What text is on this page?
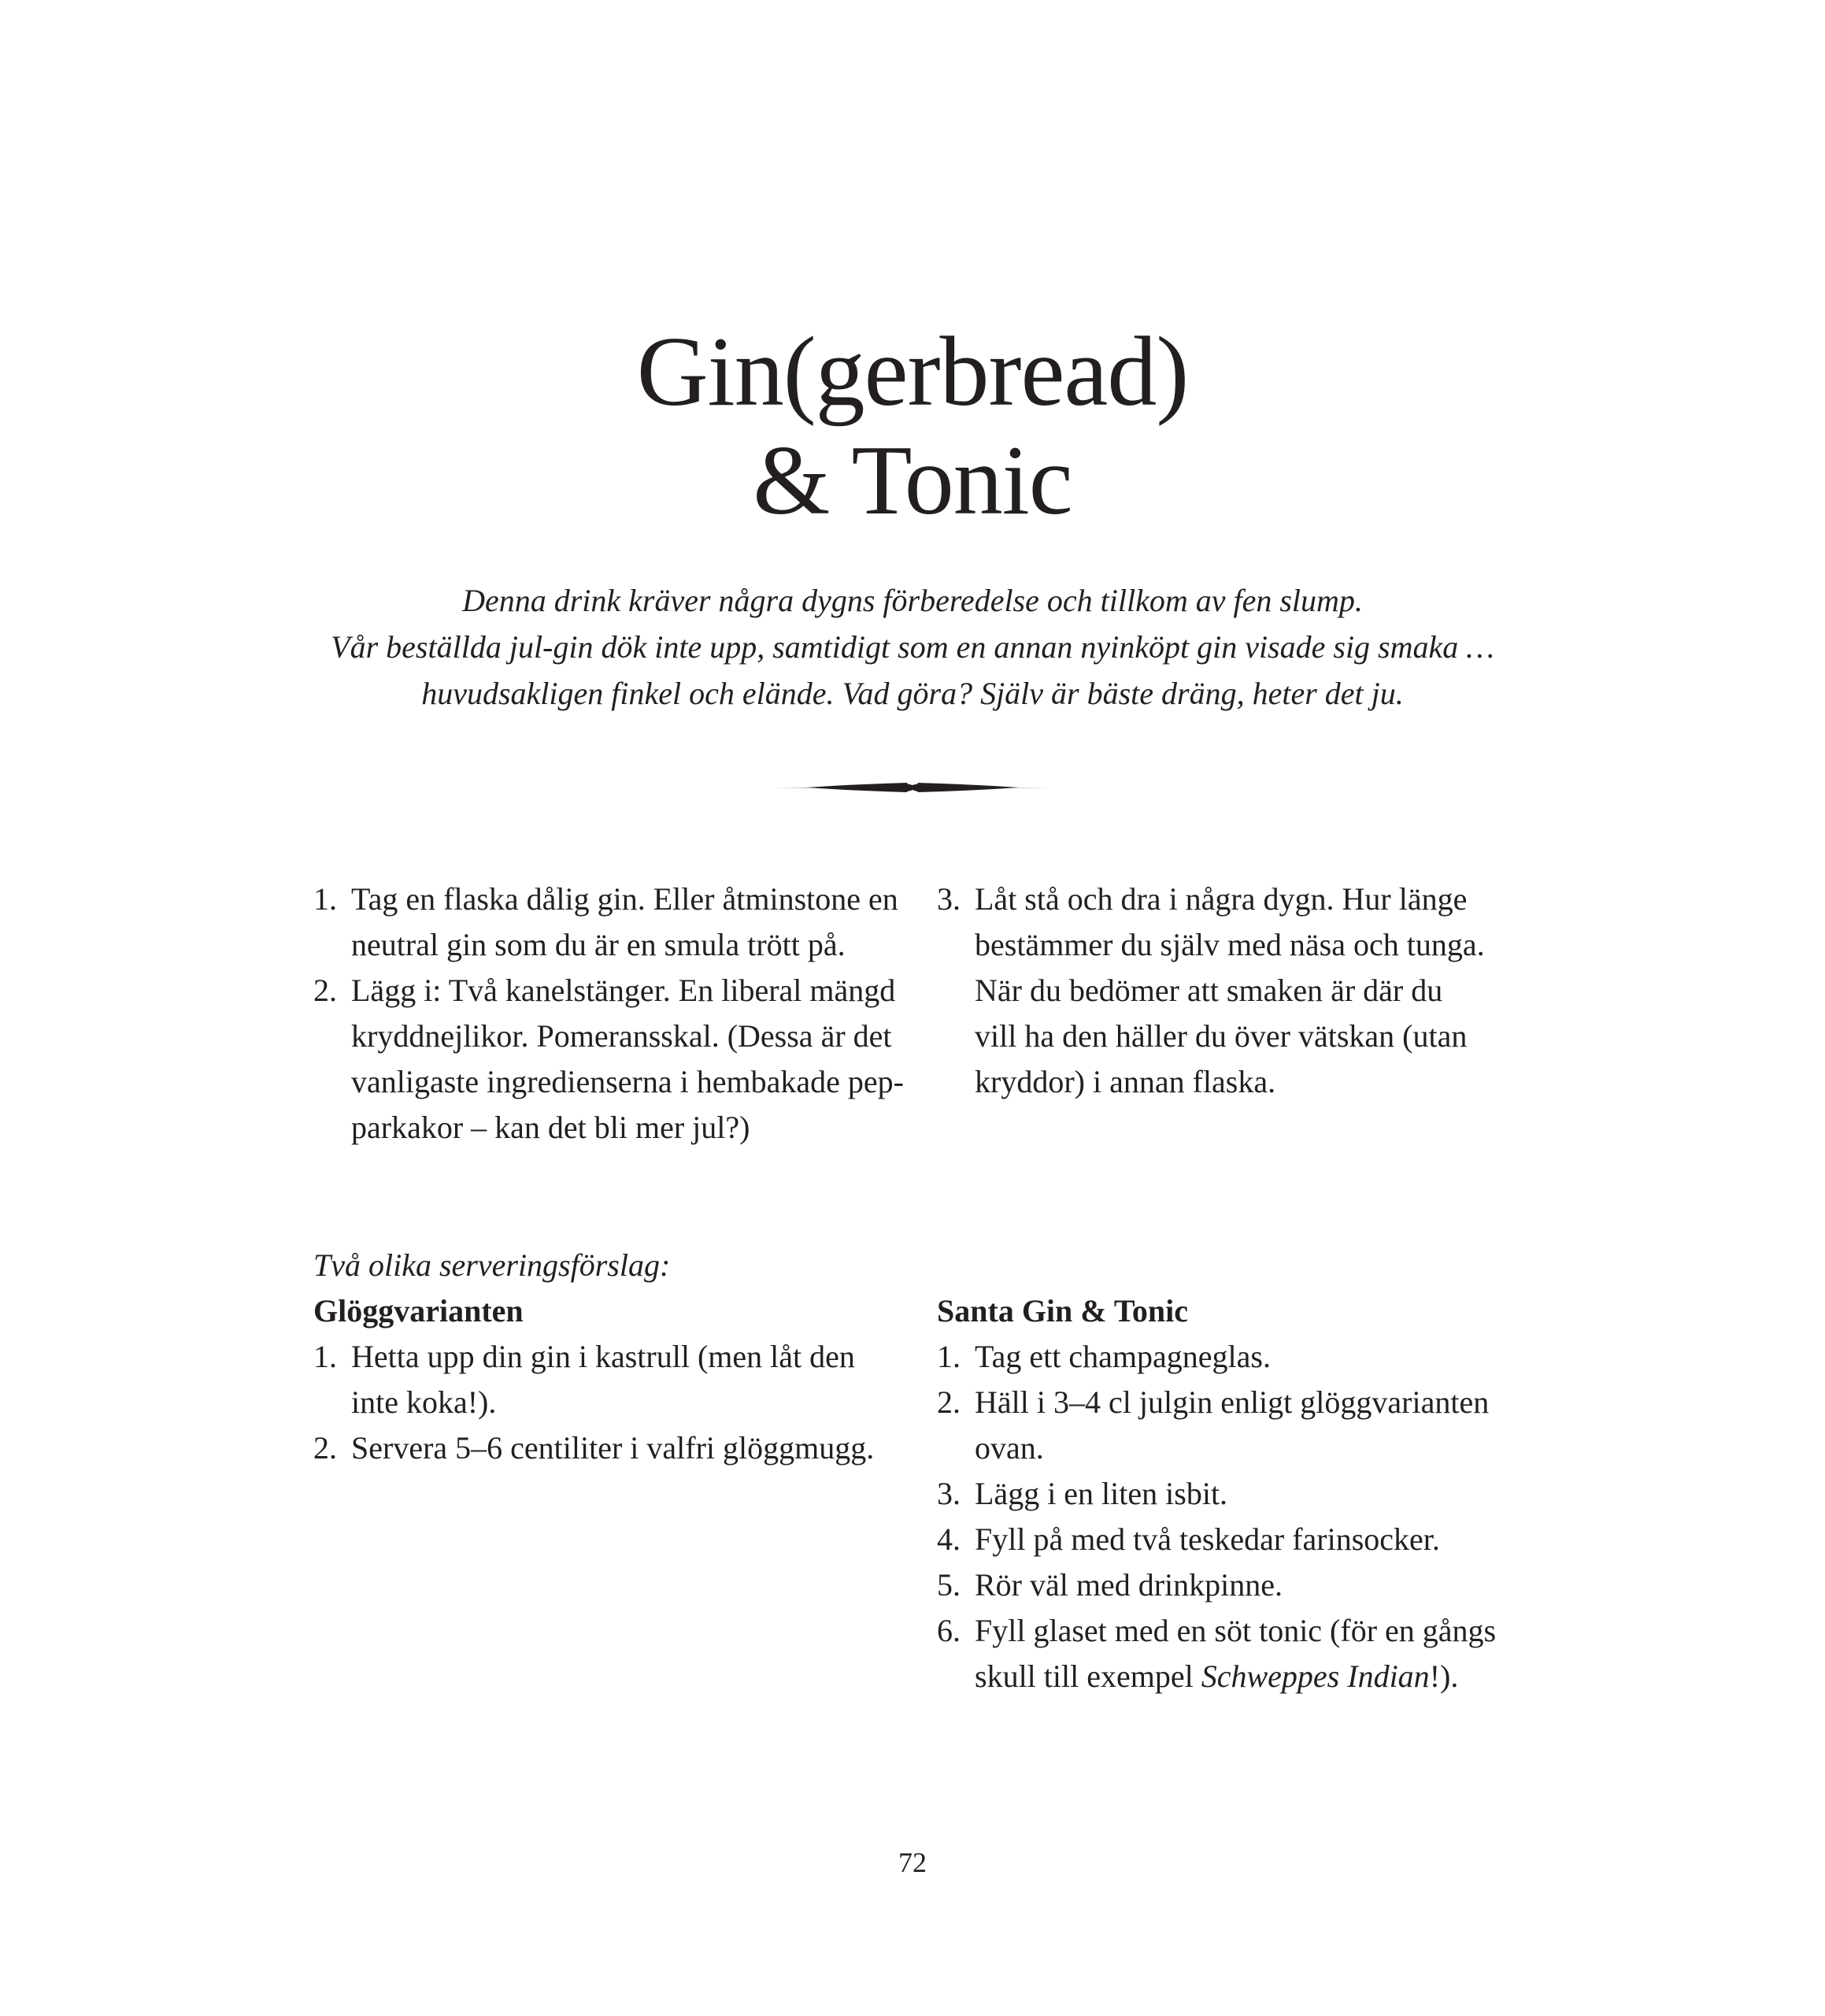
Gin(gerbread)
& Tonic
Denna drink kräver några dygns förberedelse och tillkom av fen slump.
Vår beställda jul-gin dök inte upp, samtidigt som en annan nyinköpt gin visade sig smaka …
huvudsakligen finkel och elände. Vad göra? Själv är bäste dräng, heter det ju.
1. Tag en flaska dålig gin. Eller åtminstone en
neutral gin som du är en smula trött på.
2. Lägg i: Två kanelstänger. En liberal mängd
kryddnejlikor. Pomeransskal. (Dessa är det
vanligaste ingredienserna i hembakade pep-
parkakor – kan det bli mer jul?)
3. Låt stå och dra i några dygn. Hur länge
bestämmer du själv med näsa och tunga.
När du bedömer att smaken är där du
vill ha den häller du över vätskan (utan
kryddor) i annan flaska.
Två olika serveringsförslag:
Glöggvarianten
1. Hetta upp din gin i kastrull (men låt den
inte koka!).
2. Servera 5–6 centiliter i valfri glöggmugg.
Santa Gin & Tonic
1. Tag ett champagneglas.
2. Häll i 3–4 cl julgin enligt glöggvarianten
ovan.
3. Lägg i en liten isbit.
4. Fyll på med två teskedar farinsocker.
5. Rör väl med drinkpinne.
6. Fyll glaset med en söt tonic (för en gångs
skull till exempel Schweppes Indian!).
72
